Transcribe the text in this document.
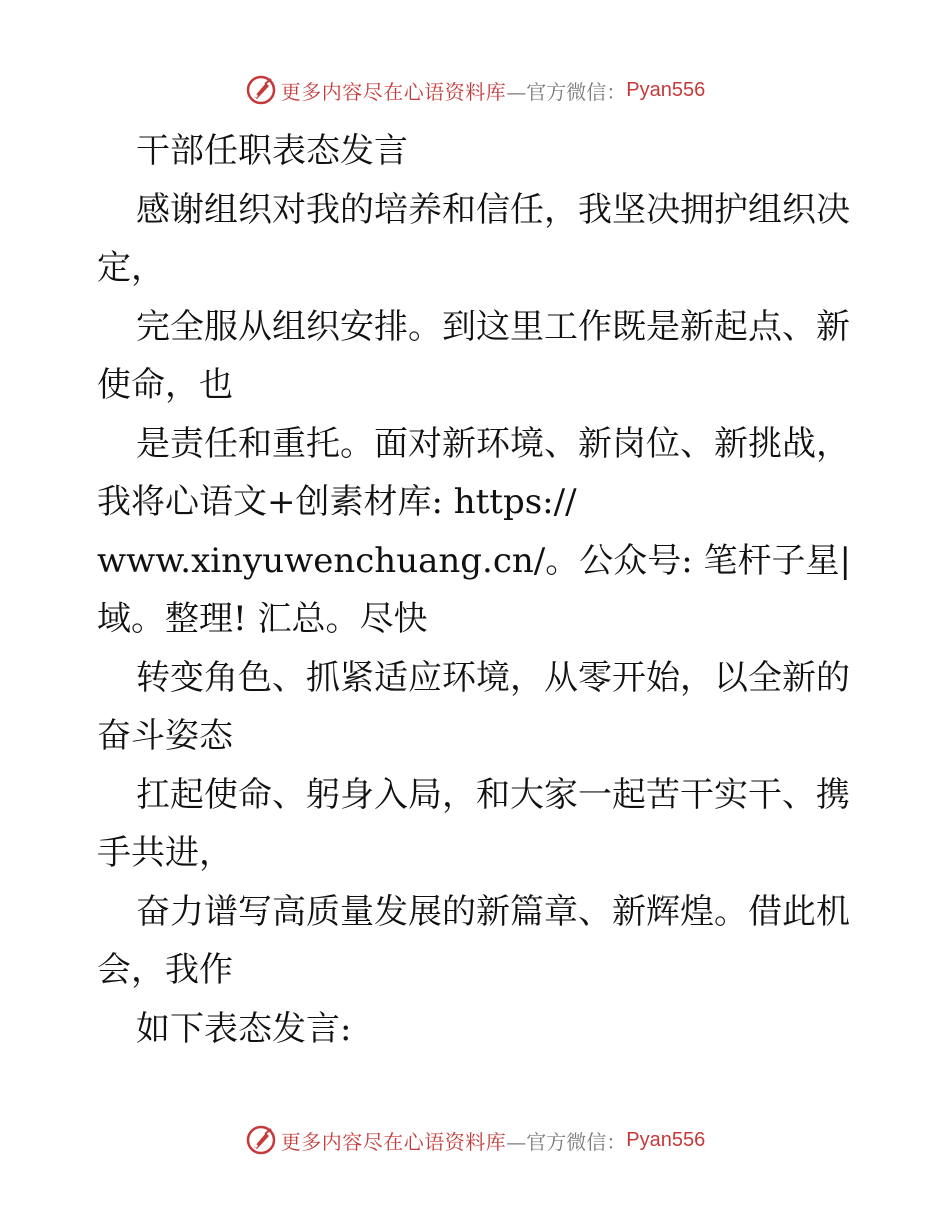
更多内容尽在心语资料库 —官方微信： Pyan556
干部任职表态发言
感谢组织对我的培养和信任，我坚决拥护组织决
定，
完全服从组织安排。到这里工作既是新起点、新
使命，也
是责任和重托。面对新环境、新岗位、新挑战，
我将心语文+创素材库: https://
www.xinyuwenchuang.cn/。公众号: 笔杆子星|
域。整理! 汇总。尽快
转变角色、抓紧适应环境，从零开始，以全新的
奋斗姿态
扛起使命、躬身入局，和大家一起苦干实干、携
手共进，
奋力谱写高质量发展的新篇章、新辉煌。借此机
会，我作
如下表态发言:
更多内容尽在心语资料库 —官方微信： Pyan556
